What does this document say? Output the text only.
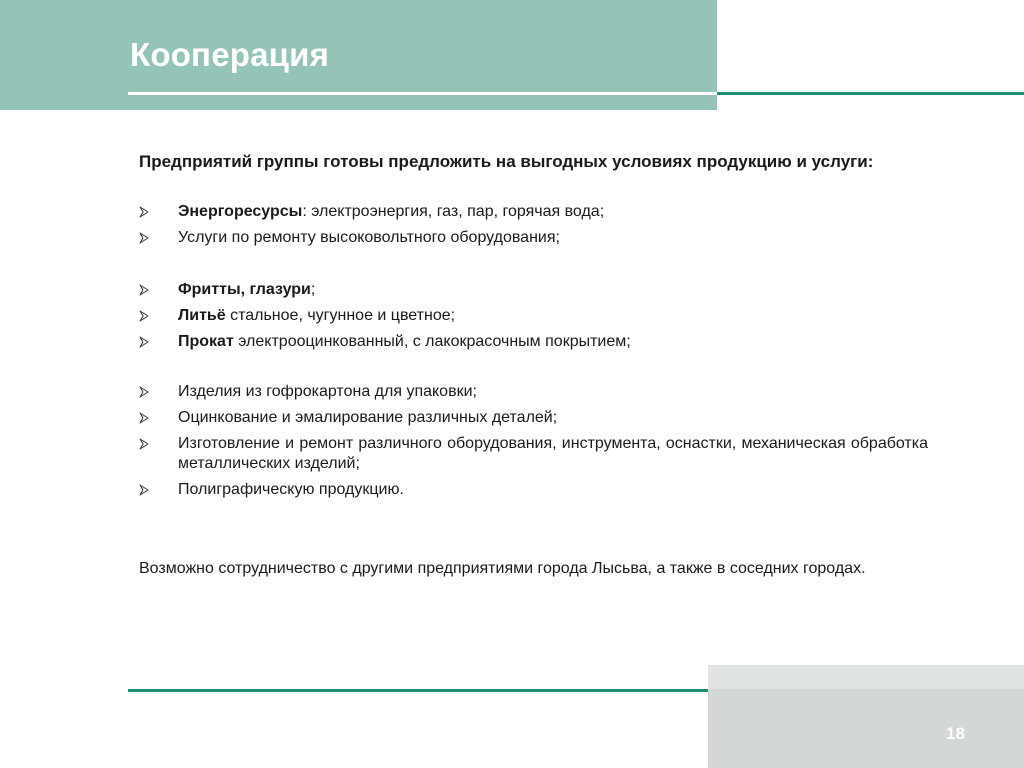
Кооперация

Предприятий группы готовы предложить на выгодных условиях продукцию и услуги:

Энергоресурсы: электроэнергия, газ, пар, горячая вода;
Услуги по ремонту высоковольтного оборудования;
Фритты, глазури;
Литьё стальное, чугунное и цветное;
Прокат электрооцинкованный, с лакокрасочным покрытием;
Изделия из гофрокартона для упаковки;
Оцинкование и эмалирование различных деталей;
Изготовление и ремонт различного оборудования, инструмента, оснастки, механическая обработка металлических изделий;
Полиграфическую продукцию.

Возможно сотрудничество с другими предприятиями города Лысьва, а также в соседних городах.

18
